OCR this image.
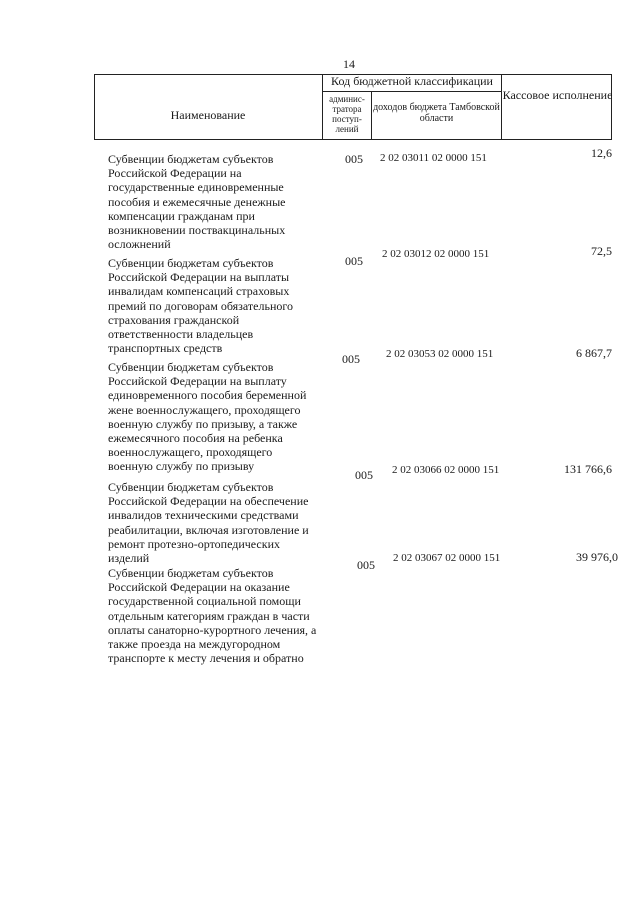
14
Наименование
Код бюджетной классификации
админис-тратора поступ-лений
доходов бюджета Тамбовской области
Кассовое исполнение
Субвенции бюджетам субъектов Российской Федерации на государственные единовременные пособия и ежемесячные денежные компенсации гражданам при возникновении поствакцинальных осложнений
005 2 02 03011 02 0000 151	12,6
Субвенции бюджетам субъектов Российской Федерации на выплаты инвалидам компенсаций страховых премий по договорам обязательного страхования гражданской ответственности владельцев транспортных средств
005 2 02 03012 02 0000 151	72,5
Субвенции бюджетам субъектов Российской Федерации на выплату единовременного пособия беременной жене военнослужащего, проходящего военную службу по призыву, а также ежемесячного пособия на ребенка военнослужащего, проходящего военную службу по призыву
005 2 02 03053 02 0000 151	6 867,7
Субвенции бюджетам субъектов Российской Федерации на обеспечение инвалидов техническими средствами реабилитации, включая изготовление и ремонт протезно-ортопедических изделий
005 2 02 03066 02 0000 151	131 766,6
Субвенции бюджетам субъектов Российской Федерации на оказание государственной социальной помощи отдельным категориям граждан в части оплаты санаторно-курортного лечения, а также проезда на междугородном транспорте к месту лечения и обратно
005 2 02 03067 02 0000 151	39 976,0
